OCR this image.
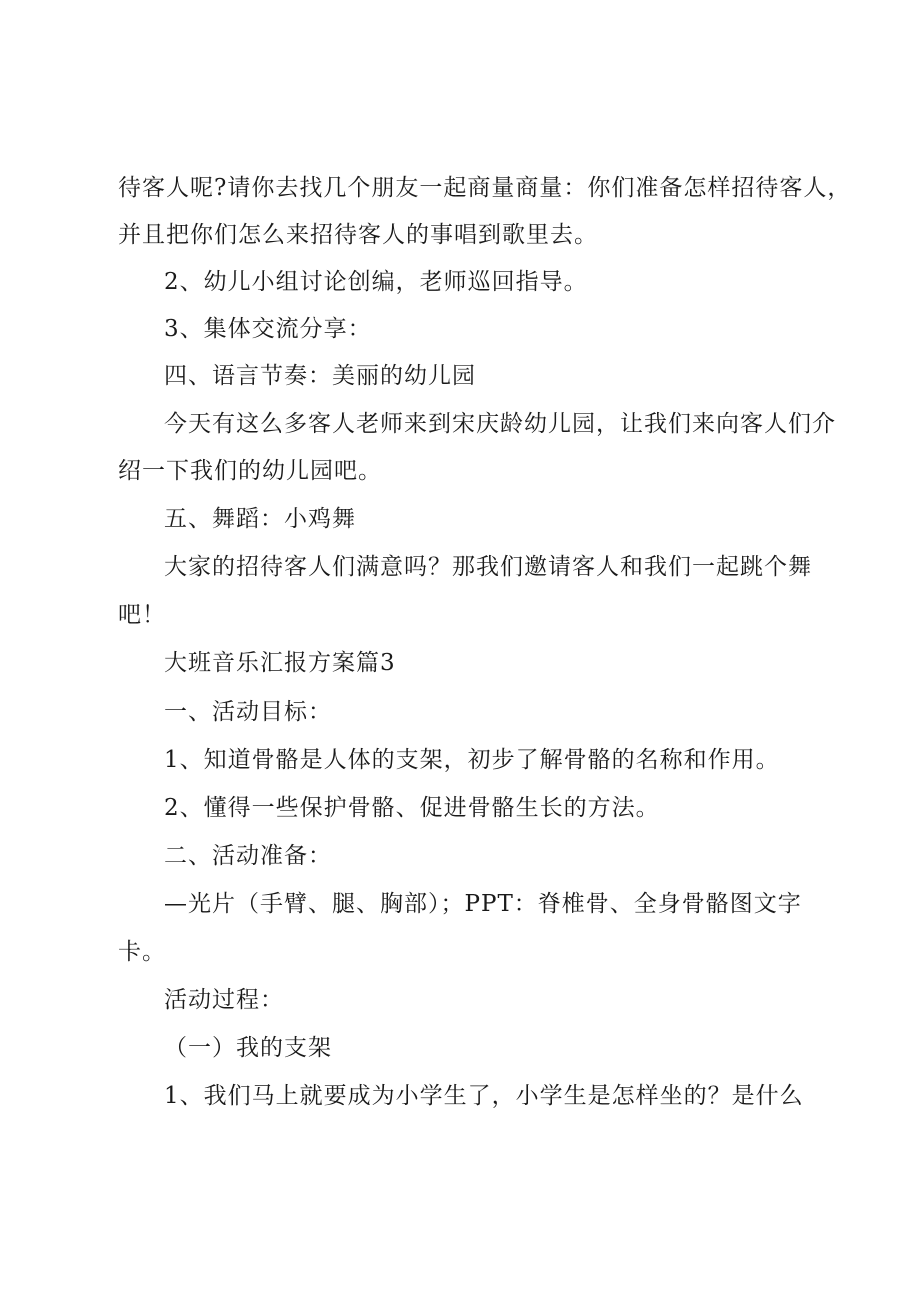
待客人呢?请你去找几个朋友一起商量商量：你们准备怎样招待客人，
并且把你们怎么来招待客人的事唱到歌里去。
2、幼儿小组讨论创编，老师巡回指导。
3、集体交流分享：
四、语言节奏：美丽的幼儿园
今天有这么多客人老师来到宋庆龄幼儿园，让我们来向客人们介
绍一下我们的幼儿园吧。
五、舞蹈：小鸡舞
大家的招待客人们满意吗？那我们邀请客人和我们一起跳个舞
吧！
大班音乐汇报方案篇3
一、活动目标：
1、知道骨骼是人体的支架，初步了解骨骼的名称和作用。
2、懂得一些保护骨骼、促进骨骼生长的方法。
二、活动准备：
—光片（手臂、腿、胸部）；PPT：脊椎骨、全身骨骼图文字
卡。
活动过程：
（一）我的支架
1、我们马上就要成为小学生了，小学生是怎样坐的？是什么
